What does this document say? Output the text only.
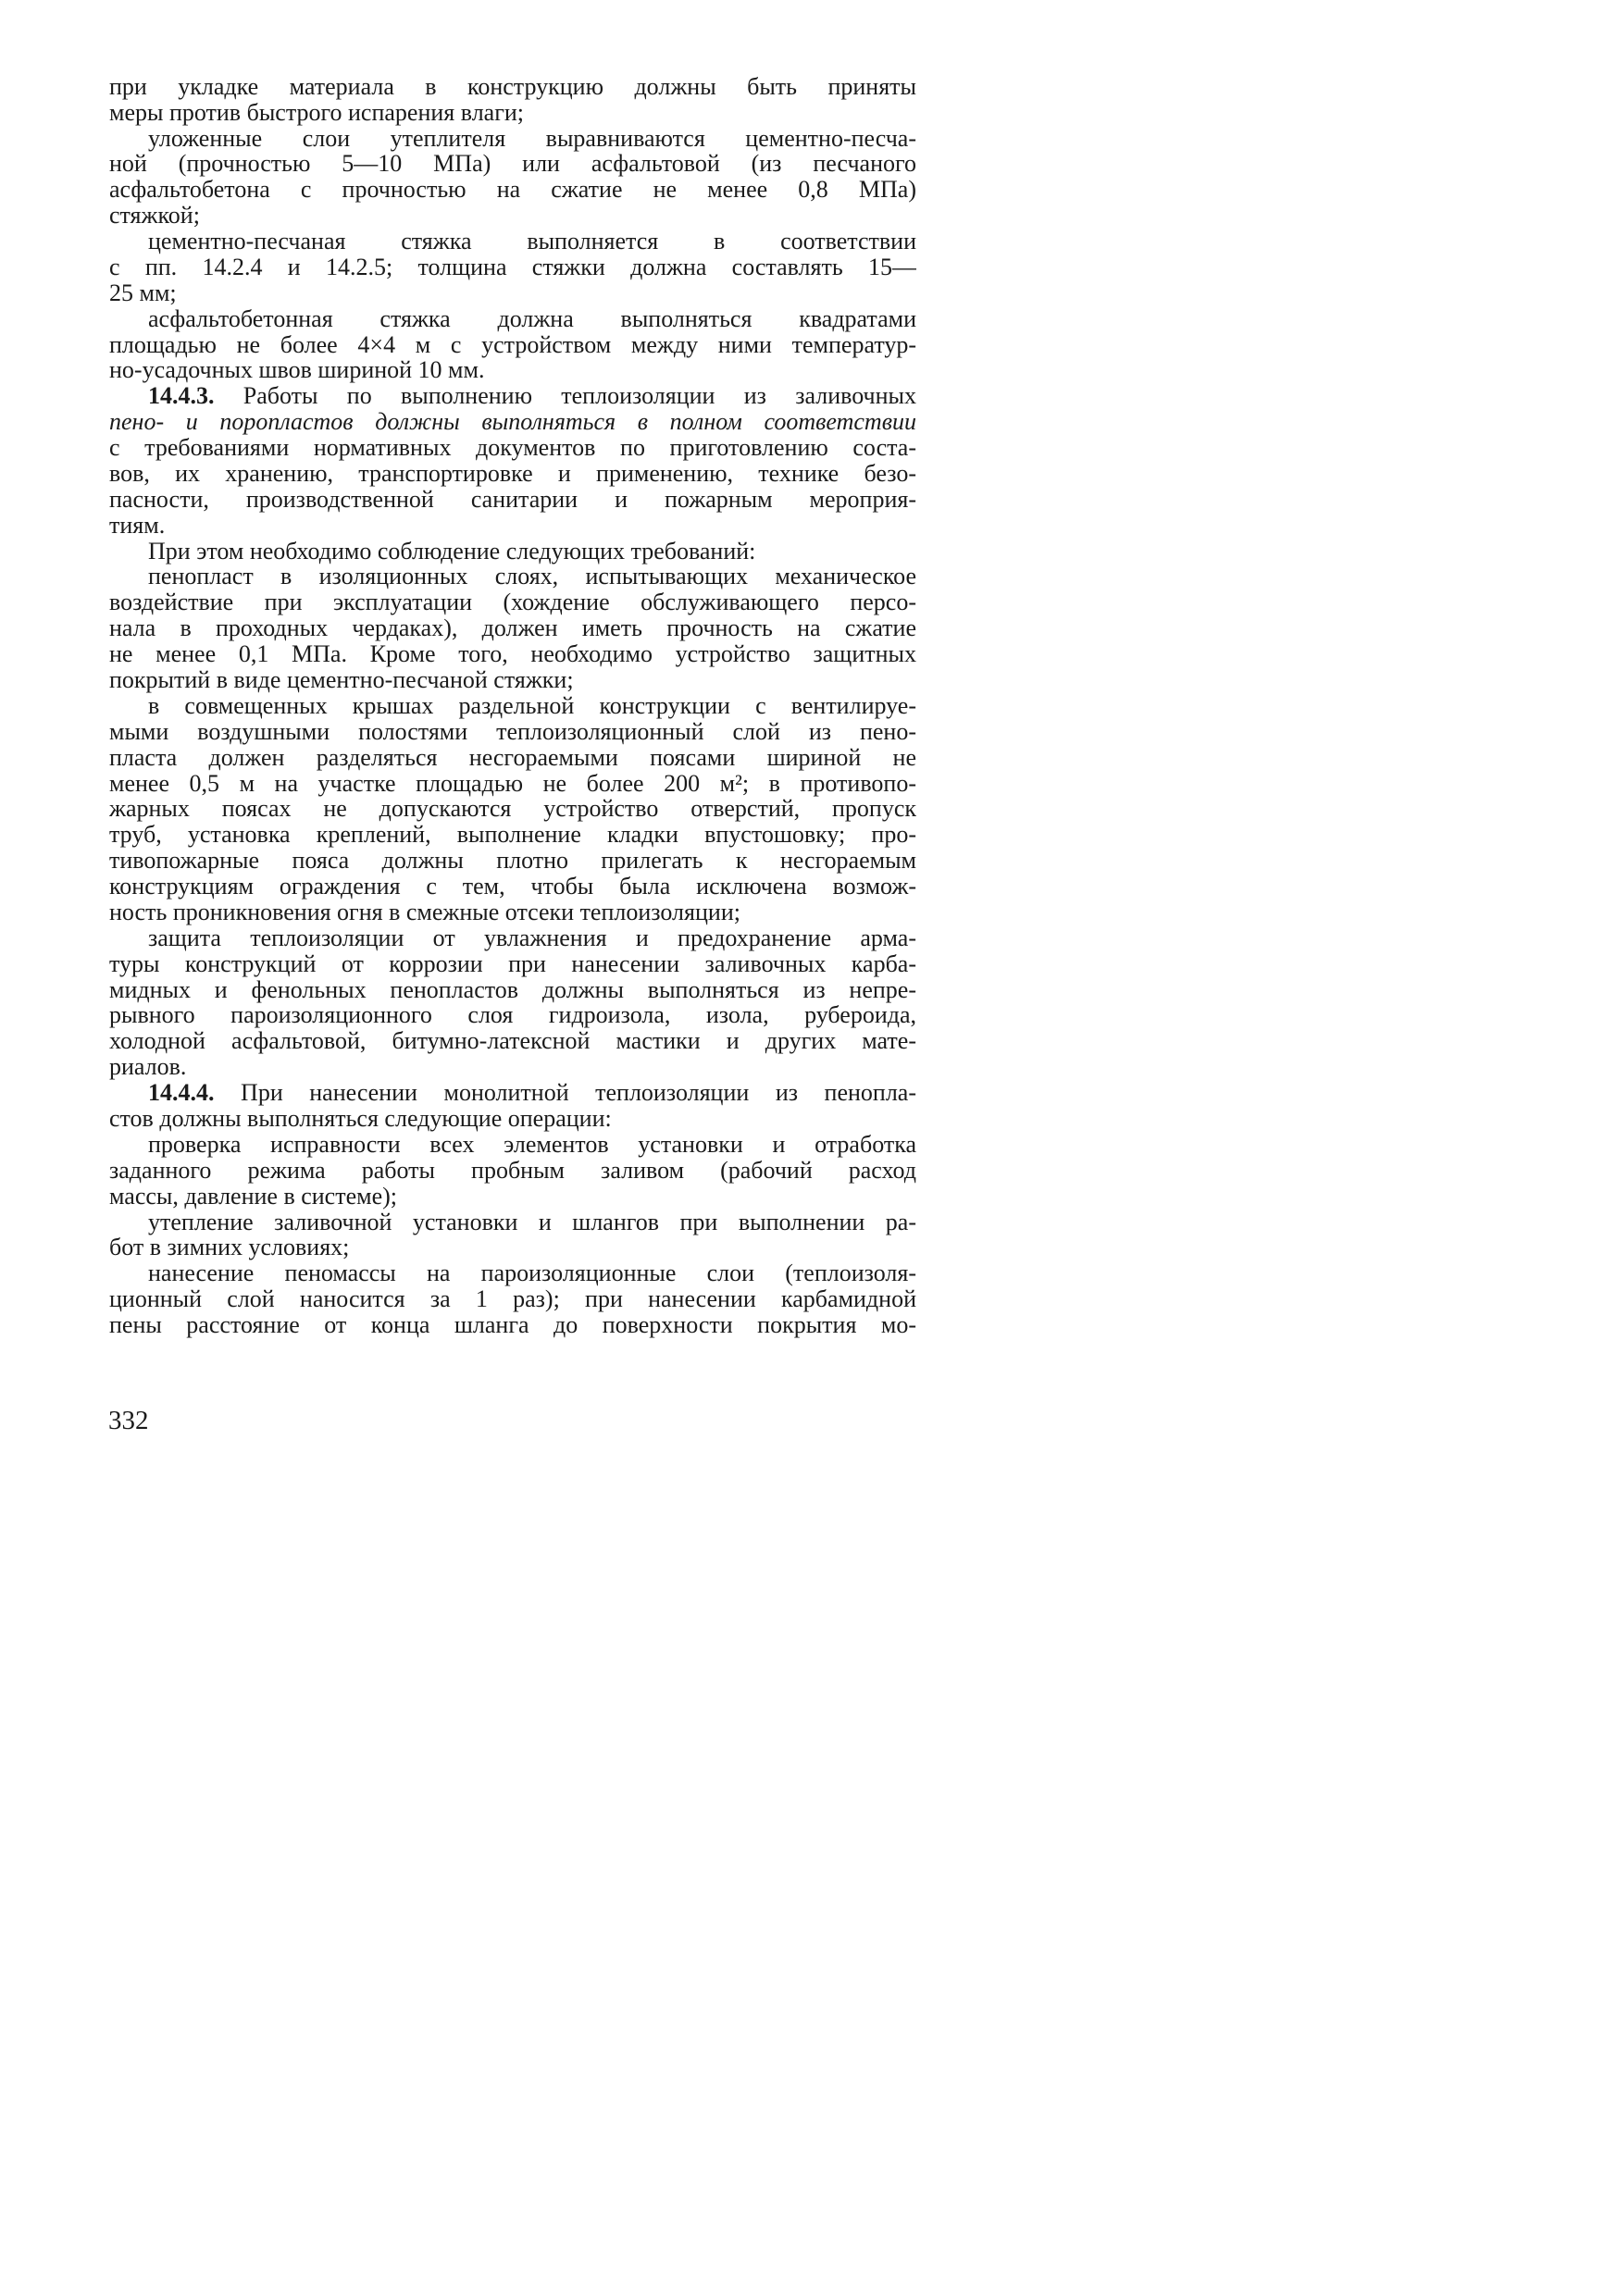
при укладке материала в конструкцию должны быть приняты
меры против быстрого испарения влаги;
уложенные слои утеплителя выравниваются цементно-песча-
ной (прочностью 5—10 МПа) или асфальтовой (из песчаного
асфальтобетона с прочностью на сжатие не менее 0,8 МПа)
стяжкой;
цементно-песчаная стяжка выполняется в соответствии
с пп. 14.2.4 и 14.2.5; толщина стяжки должна составлять 15—
25 мм;
асфальтобетонная стяжка должна выполняться квадратами
площадью не более 4×4 м с устройством между ними температур-
но-усадочных швов шириной 10 мм.
14.4.3. Работы по выполнению теплоизоляции из заливочных
пено- и поропластов должны выполняться в полном соответствии
с требованиями нормативных документов по приготовлению соста-
вов, их хранению, транспортировке и применению, технике безо-
пасности, производственной санитарии и пожарным мероприя-
тиям.
При этом необходимо соблюдение следующих требований:
пенопласт в изоляционных слоях, испытывающих механическое
воздействие при эксплуатации (хождение обслуживающего персо-
нала в проходных чердаках), должен иметь прочность на сжатие
не менее 0,1 МПа. Кроме того, необходимо устройство защитных
покрытий в виде цементно-песчаной стяжки;
в совмещенных крышах раздельной конструкции с вентилируе-
мыми воздушными полостями теплоизоляционный слой из пено-
пласта должен разделяться несгораемыми поясами шириной не
менее 0,5 м на участке площадью не более 200 м²; в противопо-
жарных поясах не допускаются устройство отверстий, пропуск
труб, установка креплений, выполнение кладки впустошовку; про-
тивопожарные пояса должны плотно прилегать к несгораемым
конструкциям ограждения с тем, чтобы была исключена возмож-
ность проникновения огня в смежные отсеки теплоизоляции;
защита теплоизоляции от увлажнения и предохранение арма-
туры конструкций от коррозии при нанесении заливочных карба-
мидных и фенольных пенопластов должны выполняться из непре-
рывного пароизоляционного слоя гидроизола, изола, рубероида,
холодной асфальтовой, битумно-латексной мастики и других мате-
риалов.
14.4.4. При нанесении монолитной теплоизоляции из пенопла-
стов должны выполняться следующие операции:
проверка исправности всех элементов установки и отработка
заданного режима работы пробным заливом (рабочий расход
массы, давление в системе);
утепление заливочной установки и шлангов при выполнении ра-
бот в зимних условиях;
нанесение пеномассы на пароизоляционные слои (теплоизоля-
ционный слой наносится за 1 раз); при нанесении карбамидной
пены расстояние от конца шланга до поверхности покрытия мо-
332
